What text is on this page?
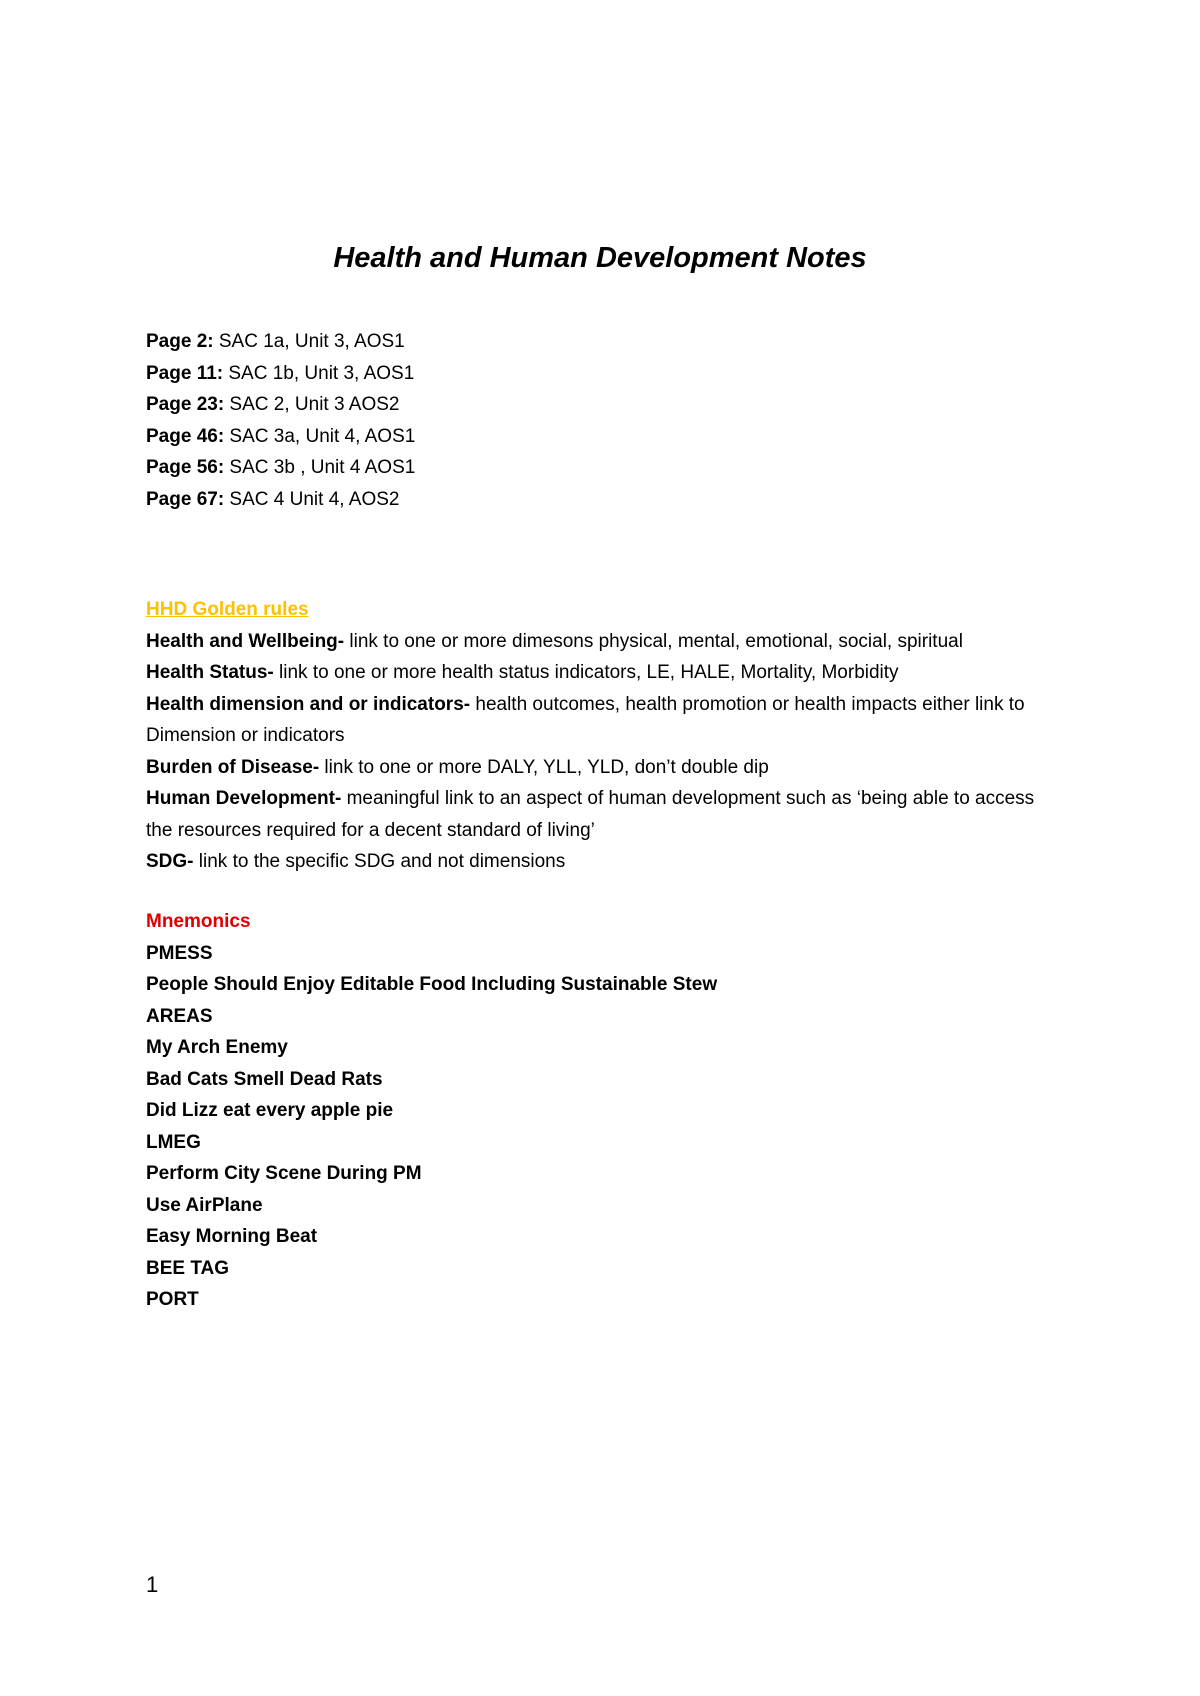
Health and Human Development Notes
Page 2: SAC 1a, Unit 3, AOS1
Page 11: SAC 1b, Unit 3, AOS1
Page 23: SAC 2, Unit 3 AOS2
Page 46: SAC 3a, Unit 4, AOS1
Page 56: SAC 3b , Unit 4 AOS1
Page 67: SAC 4 Unit 4, AOS2
HHD Golden rules
Health and Wellbeing- link to one or more dimesons physical, mental, emotional, social, spiritual
Health Status- link to one or more health status indicators, LE, HALE, Mortality, Morbidity
Health dimension and or indicators- health outcomes, health promotion or health impacts either link to Dimension or indicators
Burden of Disease- link to one or more DALY, YLL, YLD, don’t double dip
Human Development- meaningful link to an aspect of human development such as ‘being able to access the resources required for a decent standard of living’
SDG- link to the specific SDG and not dimensions
Mnemonics
PMESS
People Should Enjoy Editable Food Including Sustainable Stew
AREAS
My Arch Enemy
Bad Cats Smell Dead Rats
Did Lizz eat every apple pie
LMEG
Perform City Scene During PM
Use AirPlane
Easy Morning Beat
BEE TAG
PORT
1
